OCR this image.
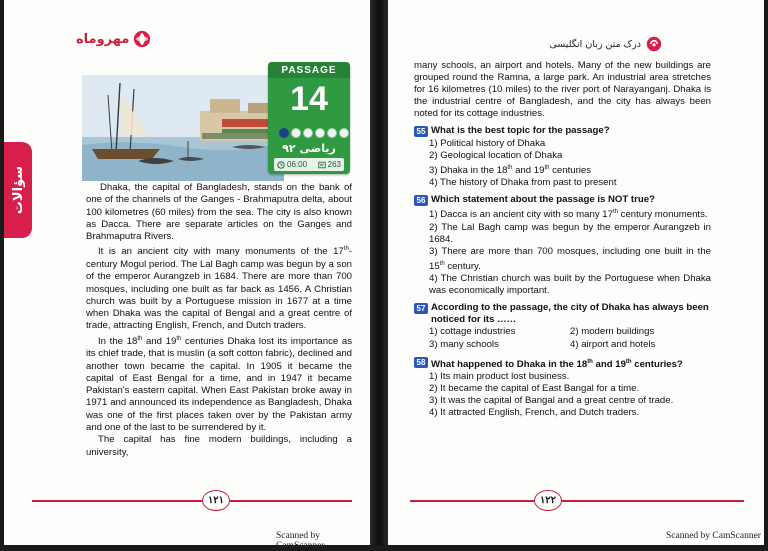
مهروماه
سؤالات
PASSAGE
14
ریاضی ۹۲
06:00	263

Dhaka, the capital of Bangladesh, stands on the bank of one of the channels of the Ganges - Brahmaputra delta, about 100 kilometres (60 miles) from the sea. The city is also known as Dacca. There are separate articles on the Ganges and Brahmaputra Rivers.

It is an ancient city with many monuments of the 17th-century Mogul period. The Lal Bagh camp was begun by a son of the emperor Aurangzeb in 1684. There are more than 700 mosques, including one built as far back as 1456. A Christian church was built by a Portuguese mission in 1677 at a time when Dhaka was the capital of Bengal and a great centre of trade, attracting English, French, and Dutch traders.

In the 18th and 19th centuries Dhaka lost its importance as its chief trade, that is muslin (a soft cotton fabric), declined and another town became the capital. In 1905 it became the capital of East Bengal for a time, and in 1947 it became Pakistan's eastern capital. When East Pakistan broke away in 1971 and announced its independence as Bangladesh, Dhaka was one of the first places taken over by the Pakistan army and one of the last to be surrendered by it.

The capital has fine modern buildings, including a university,

۱۲۱
Scanned by CamScanner
درک متن زبان انگلیسی

many schools, an airport and hotels. Many of the new buildings are grouped round the Ramna, a large park. An industrial area stretches for 16 kilometres (10 miles) to the river port of Narayanganj. Dhaka is the industrial centre of Bangladesh, and the city has always been noted for its cottage industries.

55 What is the best topic for the passage?

1) Political history of Dhaka

2) Geological location of Dhaka

3) Dhaka in the 18th and 19th centuries

4) The history of Dhaka from past to present

56 Which statement about the passage is NOT true?

1) Dacca is an ancient city with so many 17th century monuments.

2) The Lal Bagh camp was begun by the emperor Aurangzeb in 1684.

3) There are more than 700 mosques, including one built in the 15th century.

4) The Christian church was built by the Portuguese when Dhaka was economically important.

57 According to the passage, the city of Dhaka has always been noticed for its ……

1) cottage industries	2) modern buildings

3) many schools	4) airport and hotels

58 What happened to Dhaka in the 18th and 19th centuries?

1) Its main product lost business.

2) It became the capital of East Bangal for a time.

3) It was the capital of Bangal and a great centre of trade.

4) It attracted English, French, and Dutch traders.

۱۲۲
Scanned by CamScanner
